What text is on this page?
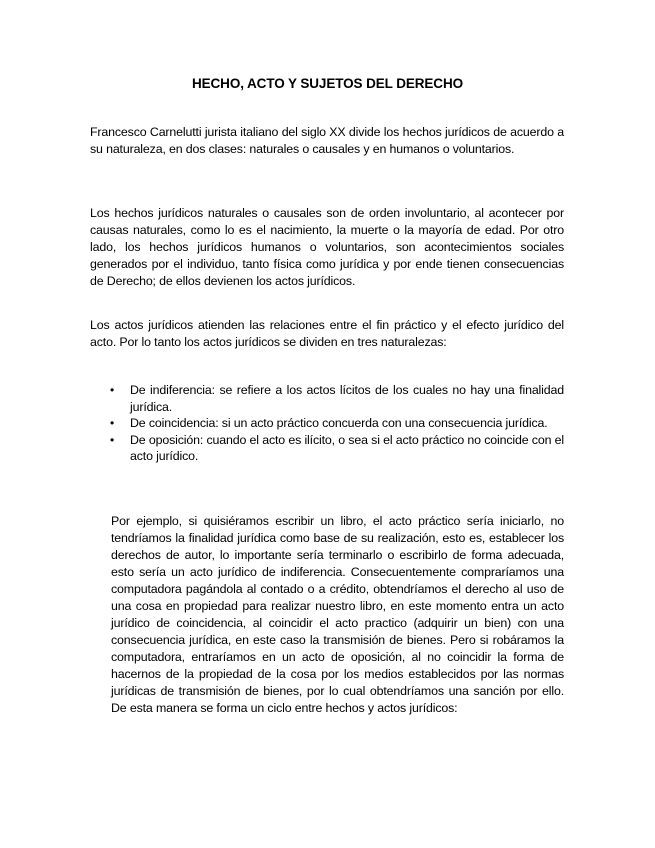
HECHO, ACTO Y SUJETOS DEL DERECHO

Francesco Carnelutti jurista italiano del siglo XX divide los hechos jurídicos de acuerdo a su naturaleza, en dos clases: naturales o causales y en humanos o voluntarios.

Los hechos jurídicos naturales o causales son de orden involuntario, al acontecer por causas naturales, como lo es el nacimiento, la muerte o la mayoría de edad. Por otro lado, los hechos jurídicos humanos o voluntarios, son acontecimientos sociales generados por el individuo, tanto física como jurídica y por ende tienen consecuencias de Derecho; de ellos devienen los actos jurídicos.

Los actos jurídicos atienden las relaciones entre el fin práctico y el efecto jurídico del acto. Por lo tanto los actos jurídicos se dividen en tres naturalezas:

• De indiferencia: se refiere a los actos lícitos de los cuales no hay una finalidad jurídica.
• De coincidencia: si un acto práctico concuerda con una consecuencia jurídica.
• De oposición: cuando el acto es ilícito, o sea si el acto práctico no coincide con el acto jurídico.

Por ejemplo, si quisiéramos escribir un libro, el acto práctico sería iniciarlo, no tendríamos la finalidad jurídica como base de su realización, esto es, establecer los derechos de autor, lo importante sería terminarlo o escribirlo de forma adecuada, esto sería un acto jurídico de indiferencia. Consecuentemente compraríamos una computadora pagándola al contado o a crédito, obtendríamos el derecho al uso de una cosa en propiedad para realizar nuestro libro, en este momento entra un acto jurídico de coincidencia, al coincidir el acto practico (adquirir un bien) con una consecuencia jurídica, en este caso la transmisión de bienes. Pero si robáramos la computadora, entraríamos en un acto de oposición, al no coincidir la forma de hacernos de la propiedad de la cosa por los medios establecidos por las normas jurídicas de transmisión de bienes, por lo cual obtendríamos una sanción por ello. De esta manera se forma un ciclo entre hechos y actos jurídicos:
